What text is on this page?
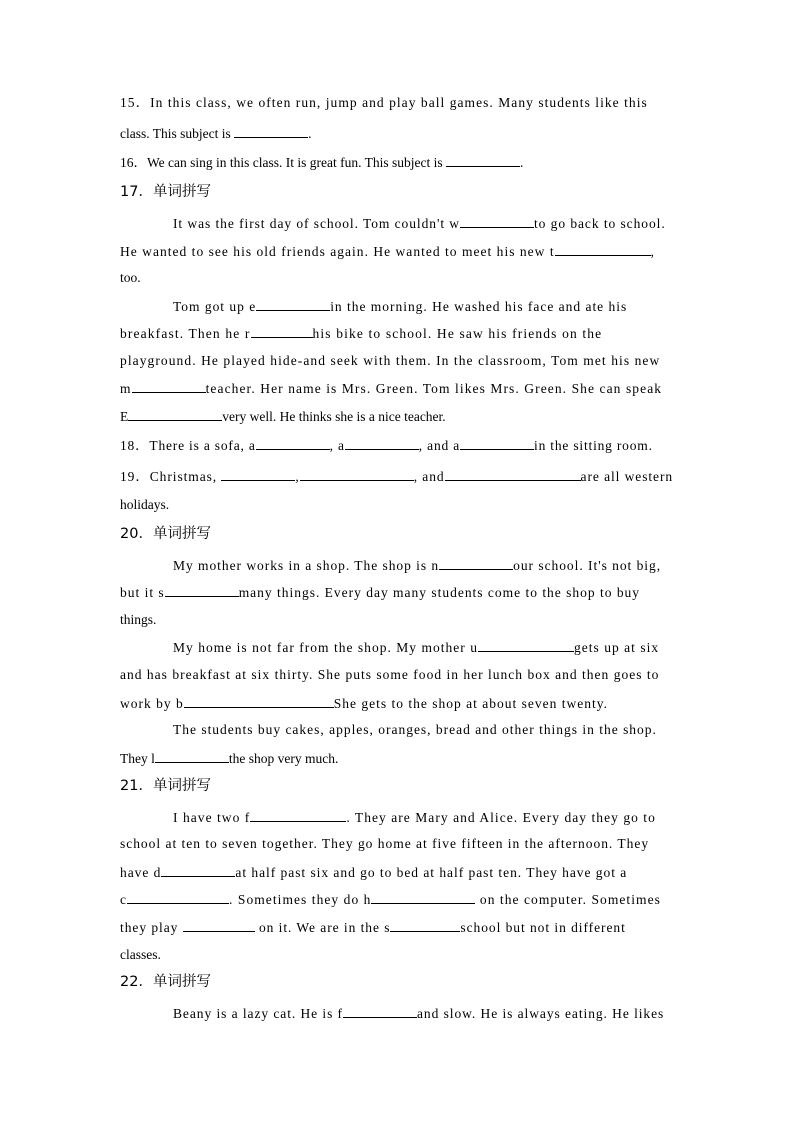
15．In this class, we often run, jump and play ball games. Many students like this
class. This subject is	.
16．We can sing in this class. It is great fun. This subject is	.
17．单词拼写
It was the first day of school. Tom couldn't w	to go back to school.
He wanted to see his old friends again. He wanted to meet his new t	,
too.
Tom got up e	in the morning. He washed his face and ate his
breakfast. Then he r	his bike to school. He saw his friends on the
playground. He played hide-and seek with them. In the classroom, Tom met his new
m	teacher. Her name is Mrs. Green. Tom likes Mrs. Green. She can speak
E	very well. He thinks she is a nice teacher.
18．There is a sofa, a	, a	, and a	in the sitting room.
19．Christmas,	,	, and	are all western
holidays.
20．单词拼写
My mother works in a shop. The shop is n	our school. It's not big,
but it s	many things. Every day many students come to the shop to buy
things.
My home is not far from the shop. My mother u	gets up at six
and has breakfast at six thirty. She puts some food in her lunch box and then goes to
work by b	She gets to the shop at about seven twenty.
The students buy cakes, apples, oranges, bread and other things in the shop.
They l	the shop very much.
21．单词拼写
I have two f	. They are Mary and Alice. Every day they go to
school at ten to seven together. They go home at five fifteen in the afternoon. They
have d	at half past six and go to bed at half past ten. They have got a
c	. Sometimes they do h	on the computer. Sometimes
they play	on it. We are in the s	school but not in different
classes.
22．单词拼写
Beany is a lazy cat. He is f	and slow. He is always eating. He likes
